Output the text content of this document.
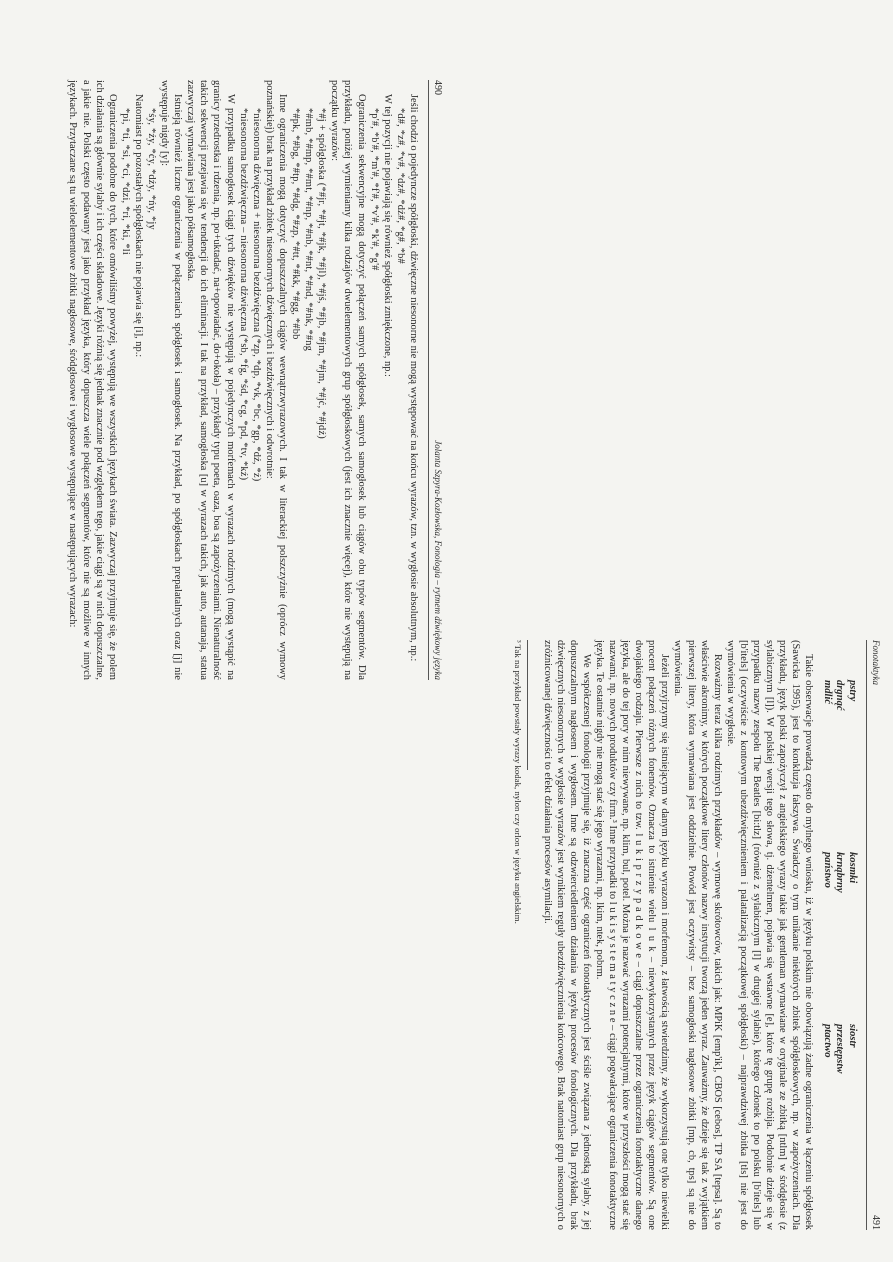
490
Jolanta Szpyra-Kozłowska, Fonologia – rytmem dźwiękowy języka

Jeśli chodzi o pojedyncze spółgłoski, dźwięczne niesonorne nie mogą występować na końcu wyrazów, tzn. w wygłosie absolutnym, np.:

*d#, *z#, *v#, *dz#, *dź#, *g#, *b#

W tej pozycji nie pojawiają się również spółgłoski zmiękczone, np.:

*p'#, *b'#, *m'#, *f'#, *v'#, *k'#, *g'#

Ograniczenia sekwencyjne mogą dotyczyć połączeń samych spółgłosek, samych samogłosek lub ciągów obu typów segmentów. Dla przykładu, poniżej wymieniamy kilka rodzajów dwuelementowych grup spółgłoskowych (jest ich znacznie więcej), które nie występują na początku wyrazów:

*#j + spółgłoska (*#jr, *#jt, *#jk, *#jl), *#jś, *#jb, *#jm, *#jm, *#jć, *#jdź)

*#mb, *#mp, *#mt, *#np, *#nb, *#nt, *#nd, *#nk, *#ng

*#pk, *#bg, *#tp, *#dg, *#zp, *#tt, *#kk, *#gg, *#bb

Inne ograniczenia mogą dotyczyć dopuszczalnych ciągów wewnątrzwyrazowych. I tak w literackiej polszczyźnie (oprócz wymowy poznańskiej) brak na przykład zbitek niesonornych dźwięcznych i bezdźwięcznych i odwrotnie:

*niesonorna dźwięczna + niesonorna bezdźwięczna (*zp, *dp, *vk, *bc, *gp, *dź, *ź)

*niesonorna bezdźwięczna – niesonorna dźwięczna (*sb, *fg, *śd, *cg, *pd, *tv, *kź)

W przypadku samogłosek ciągi tych dźwięków nie występują w pojedynczych morfemach w wyrazach rodzimych (mogą wystąpić na granicy przedrostka i rdzenia, np. po+uktadać, na+opowiadać, do+okoła) – przykłady typu poeta, oaza, boa są zapożyczeniami. Nienaturalność takich sekwencji przejawia się w tendencji do ich eliminacji. I tak na przykład, samogłoska [u] w wyrazach takich, jak auto, autanaja, statua zazwyczaj wymawiana jest jako półsamogłoska.

Istnieją również liczne ograniczenia w połączeniach spółgłosek i samogłosek. Na przykład, po spółgłoskach prepalatalnych oraz [j] nie występuje nigdy [y]:

*śy, *źy, *ćy, *dźy, *ńy, *jy

Natomiast po pozostałych spółgłoskach nie pojawia się [i], np.:

*pi, *ti, *si, *ci, *dzi, *ri, *ki, *li

Ograniczenia podobne do tych, które omówiliśmy powyżej, występują we wszystkich językach świata. Zazwyczaj przyjmuje się, że polem ich działania są głównie sylaby i ich części składowe. Języki różnią się jednak znacznie pod względem tego, jakie ciągi są w nich dopuszczalne, a jakie nie. Polski często podawany jest jako przykład języka, który dopuszcza wiele połączeń segmentów, które nie są możliwe w innych językach. Przytaczane są tu wieloelementowe zbitki nagłosowe, śródgłosowe i wygłosowe występujące w następujących wyrazach:

Fonotaktyka
491
pstry
kosmki
siostr
drgnąć
krnąbrny
przestępstw
mdlić
państwo
ptactwo

Takie obserwacje prowadzą często do mylnego wniosku, iż w języku polskim nie obowiązują żadne ograniczenia w łączeniu spółgłosek (Sawicka 1995), jest to konkluzja fałszywa. Świadczy o tym unikanie niektórych zbitek spółgłoskowych, np. w zapożyczeniach. Dla przykładu, język polski zapożyczył z angielskiego wyrazy takie jak gentleman wymawiane w oryginale ze zbitką [ntlm] w śródgłosie (z sylabicznym [l]). W polskiej wersji tego słowa, tj. dżentelmen, pojawia się wstawne [e], które tę grupę rozbija. Podobnie dzieje się w przypadku nazwy zespołu The Beatles [bi:tlz] (również z sylabicznym [l] w drugiej sylabie), którego członek to po polsku [b'itels] lub [b'itels] (oczywiście z kontowym ubezdźwięcznieniem i palatalizacją początkowej spółgłoski) – najprawdziwej zbitka [tls] nie jest do wymówienia w wygłosie.

Rozważmy teraz kilka rodzimych przykładów – wymowę skrótowców, takich jak: MPiK [emp'ik], CBOS [cebos], TP SA [tepsa]. Są to właściwie akronimy, w których początkowe litery członów nazwy instytucji tworzą jeden wyraz. Zauważmy, że dzieje się tak z wyjątkiem pierwszej litery, która wymawiana jest oddzielnie. Powód jest oczywisty – bez samogłoski nagłosowe zbitki [mp, cb, tps] są nie do wymówienia.

Jeżeli przyjrzymy się istniejącym w danym języku wyrazom i morfemom, z łatwością stwierdzimy, że wykorzystują one tylko niewielki procent połączeń różnych fonemów. Oznacza to istnienie wielu l u k – niewykorzystanych przez język ciągów segmentów. Są one dwojakiego rodzaju. Pierwsze z nich to tzw. l u k i p r z y p a d k o w e – ciągi dopuszczalne przez ograniczenia fonotaktyczne danego języka, ale do tej pory w nim niewywane, np. klim, bul, potel. Można je nazwać wyrazami potencjalnymi, które w przyszłości mogą stać się nazwami, np. nowych produktów czy firm.³ Inne przypadki to l u k i s y s t e m a t y c z n e – ciągi pogwałcające ograniczenia fonotaktyczne języka. Te ostatnie nigdy nie mogą stać się jego wyrazami, np. lkim, ntek, pobrm.

We współczesnej fonologii przyjmuje się, iż znaczna część ograniczeń fonotaktycznych jest ściśle związana z jednostką sylaby, z jej dopuszczalnym nagłosem i wygłosem. Inne są odzwierciedleniem działania w języku procesów fonologicznych. Dla przykładu, brak dźwięcznych niesonornych w wygłosie wyrazów jest wynikiem reguły ubezdźwięcznienia końcowego. Brak natomiast grup niesonornych o zróżnicowanej dźwięczności to efekt działania procesów asymilacji.

³ Tak na przykład powstały wyrazy kodak, nylon czy orlon w języku angielskim.
